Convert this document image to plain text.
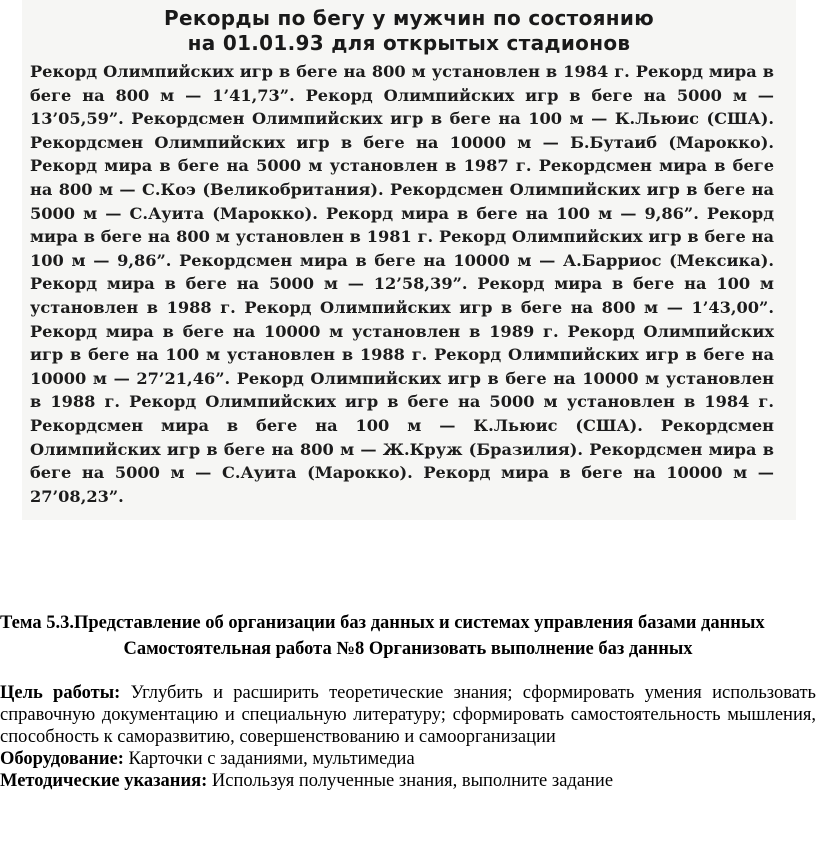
Рекорды по бегу у мужчин по состоянию
на 01.01.93 для открытых стадионов

Рекорд Олимпийских игр в беге на 800 м установлен в 1984 г. Рекорд мира в беге на 800 м — 1’41,73”. Рекорд Олимпийских игр в беге на 5000 м — 13’05,59”. Рекордсмен Олимпийских игр в беге на 100 м — К.Льюис (США). Рекордсмен Олимпийских игр в беге на 10000 м — Б.Бутаиб (Марокко). Рекорд мира в беге на 5000 м установлен в 1987 г. Рекордсмен мира в беге на 800 м — С.Коэ (Великобритания). Рекордсмен Олимпийских игр в беге на 5000 м — С.Ауита (Марокко). Рекорд мира в беге на 100 м — 9,86”. Рекорд мира в беге на 800 м установлен в 1981 г. Рекорд Олимпийских игр в беге на 100 м — 9,86”. Рекордсмен мира в беге на 10000 м — А.Барриос (Мексика). Рекорд мира в беге на 5000 м — 12’58,39”. Рекорд мира в беге на 100 м установлен в 1988 г. Рекорд Олимпийских игр в беге на 800 м — 1’43,00”. Рекорд мира в беге на 10000 м установлен в 1989 г. Рекорд Олимпийских игр в беге на 100 м установлен в 1988 г. Рекорд Олимпийских игр в беге на 10000 м — 27’21,46”. Рекорд Олимпийских игр в беге на 10000 м установлен в 1988 г. Рекорд Олимпийских игр в беге на 5000 м установлен в 1984 г. Рекордсмен мира в беге на 100 м — К.Льюис (США). Рекордсмен Олимпийских игр в беге на 800 м — Ж.Круж (Бразилия). Рекордсмен мира в беге на 5000 м — С.Ауита (Марокко). Рекорд мира в беге на 10000 м — 27’08,23”.

Тема 5.3.Представление об организации баз данных и системах управления базами данных

Самостоятельная работа №8 Организовать выполнение баз данных

Цель работы: Углубить и расширить теоретические знания; сформировать умения использовать справочную документацию и специальную литературу; сформировать самостоятельность мышления, способность к саморазвитию, совершенствованию и самоорганизации

Оборудование: Карточки с заданиями, мультимедиа

Методические указания: Используя полученные знания, выполните задание
